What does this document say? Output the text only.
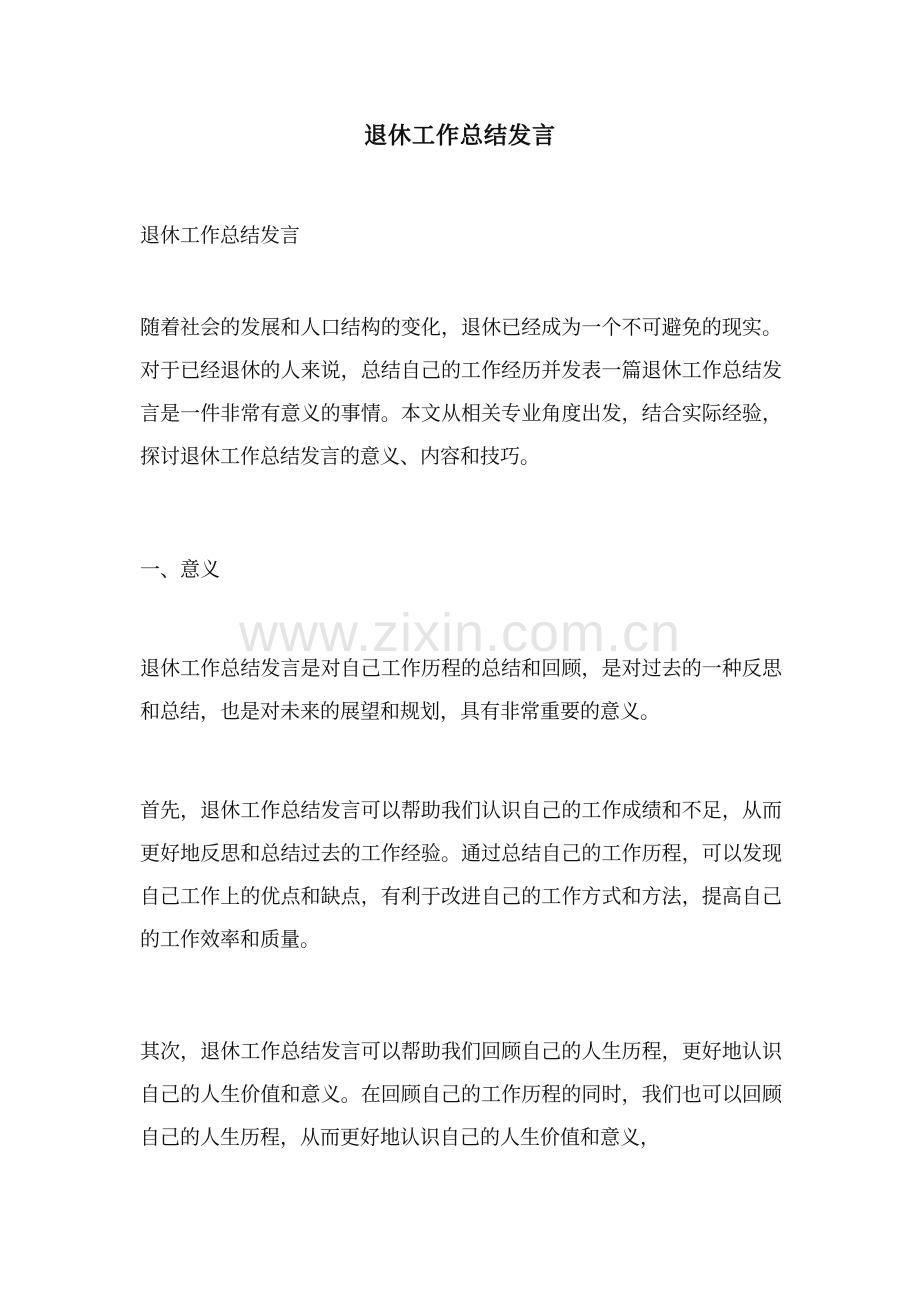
退休工作总结发言

退休工作总结发言

随着社会的发展和人口结构的变化，退休已经成为一个不可避免的现实。对于已经退休的人来说，总结自己的工作经历并发表一篇退休工作总结发言是一件非常有意义的事情。本文从相关专业角度出发，结合实际经验，探讨退休工作总结发言的意义、内容和技巧。

一、意义

www.zixin.com.cn

退休工作总结发言是对自己工作历程的总结和回顾，是对过去的一种反思和总结，也是对未来的展望和规划，具有非常重要的意义。

首先，退休工作总结发言可以帮助我们认识自己的工作成绩和不足，从而更好地反思和总结过去的工作经验。通过总结自己的工作历程，可以发现自己工作上的优点和缺点，有利于改进自己的工作方式和方法，提高自己的工作效率和质量。

其次，退休工作总结发言可以帮助我们回顾自己的人生历程，更好地认识自己的人生价值和意义。在回顾自己的工作历程的同时，我们也可以回顾自己的人生历程，从而更好地认识自己的人生价值和意义，
